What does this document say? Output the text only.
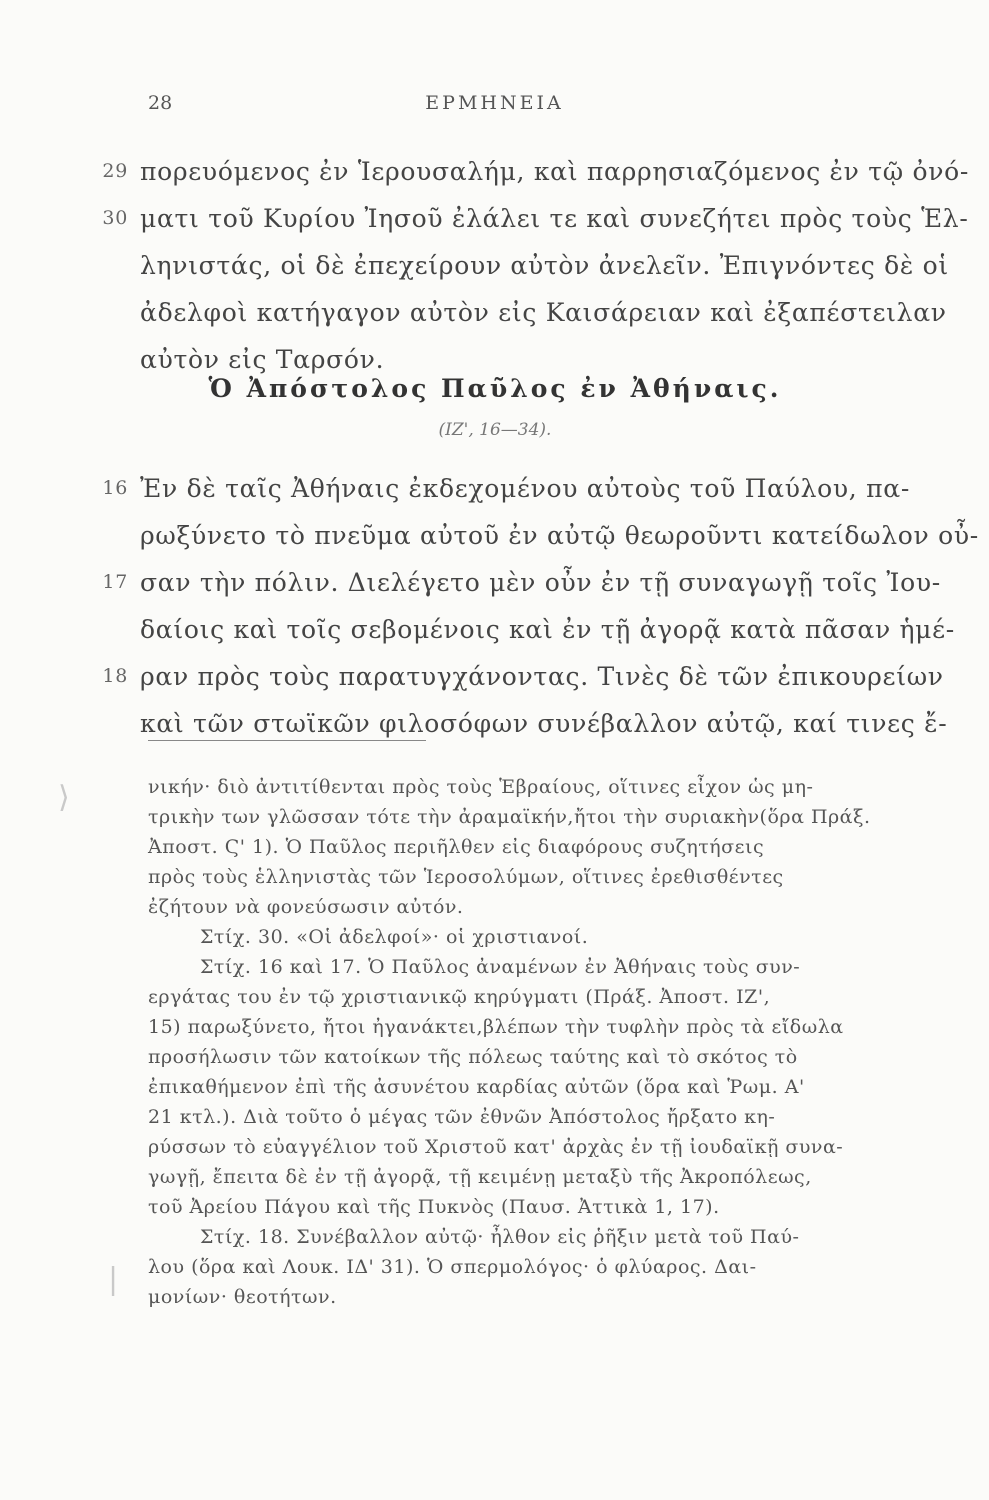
28	ΕΡΜΗΝΕΙΑ
29 πορευόμενος ἐν Ἱερουσαλήμ, καὶ παρρησιαζόμενος ἐν τῷ ὀνό-
30 ματι τοῦ Κυρίου Ἰησοῦ ἐλάλει τε καὶ συνεζήτει πρὸς τοὺς Ἑλ-
ληνιστάς, οἱ δὲ ἐπεχείρουν αὐτὸν ἀνελεῖν. Ἐπιγνόντες δὲ οἱ
ἀδελφοὶ κατήγαγον αὐτὸν εἰς Καισάρειαν καὶ ἐξαπέστειλαν
αὐτὸν εἰς Ταρσόν.
Ὁ Ἀπόστολος Παῦλος ἐν Ἀθήναις.
(ΙΖ', 16—34).
16 Ἐν δὲ ταῖς Ἀθήναις ἐκδεχομένου αὐτοὺς τοῦ Παύλου, πα-
ρωξύνετο τὸ πνεῦμα αὐτοῦ ἐν αὐτῷ θεωροῦντι κατείδωλον οὖ-
17 σαν τὴν πόλιν. Διελέγετο μὲν οὖν ἐν τῇ συναγωγῇ τοῖς Ἰου-
δαίοις καὶ τοῖς σεβομένοις καὶ ἐν τῇ ἀγορᾷ κατὰ πᾶσαν ἡμέ-
18 ραν πρὸς τοὺς παρατυγχάνοντας. Τινὲς δὲ τῶν ἐπικουρείων
καὶ τῶν στωϊκῶν φιλοσόφων συνέβαλλον αὐτῷ, καί τινες ἔ-
⟩
|
νικήν· διὸ ἀντιτίθενται πρὸς τοὺς Ἑβραίους, οἵτινες εἶχον ὡς μη-
τρικὴν των γλῶσσαν τότε τὴν ἀραμαϊκήν,ἤτοι τὴν συριακὴν(ὅρα Πράξ.
Ἀποστ. Ϛ' 1). Ὁ Παῦλος περιῆλθεν εἰς διαφόρους συζητήσεις
πρὸς τοὺς ἑλληνιστὰς τῶν Ἱεροσολύμων, οἵτινες ἐρεθισθέντες
ἐζήτουν νὰ φονεύσωσιν αὐτόν.
Στίχ. 30. «Οἱ ἀδελφοί»· οἱ χριστιανοί.
Στίχ. 16 καὶ 17. Ὁ Παῦλος ἀναμένων ἐν Ἀθήναις τοὺς συν-
εργάτας του ἐν τῷ χριστιανικῷ κηρύγματι (Πράξ. Ἀποστ. ΙΖ',
15) παρωξύνετο, ἤτοι ἠγανάκτει,βλέπων τὴν τυφλὴν πρὸς τὰ εἴδωλα
προσήλωσιν τῶν κατοίκων τῆς πόλεως ταύτης καὶ τὸ σκότος τὸ
ἐπικαθήμενον ἐπὶ τῆς ἀσυνέτου καρδίας αὐτῶν (ὅρα καὶ Ῥωμ. Α'
21 κτλ.). Διὰ τοῦτο ὁ μέγας τῶν ἐθνῶν Ἀπόστολος ἤρξατο κη-
ρύσσων τὸ εὐαγγέλιον τοῦ Χριστοῦ κατ' ἀρχὰς ἐν τῇ ἰουδαϊκῇ συνα-
γωγῇ, ἔπειτα δὲ ἐν τῇ ἀγορᾷ, τῇ κειμένῃ μεταξὺ τῆς Ἀκροπόλεως,
τοῦ Ἀρείου Πάγου καὶ τῆς Πυκνὸς (Παυσ. Ἀττικὰ 1, 17).
Στίχ. 18. Συνέβαλλον αὐτῷ· ἦλθον εἰς ῥῆξιν μετὰ τοῦ Παύ-
λου (ὅρα καὶ Λουκ. ΙΔ' 31). Ὁ σπερμολόγος· ὁ φλύαρος. Δαι-
μονίων· θεοτήτων.
